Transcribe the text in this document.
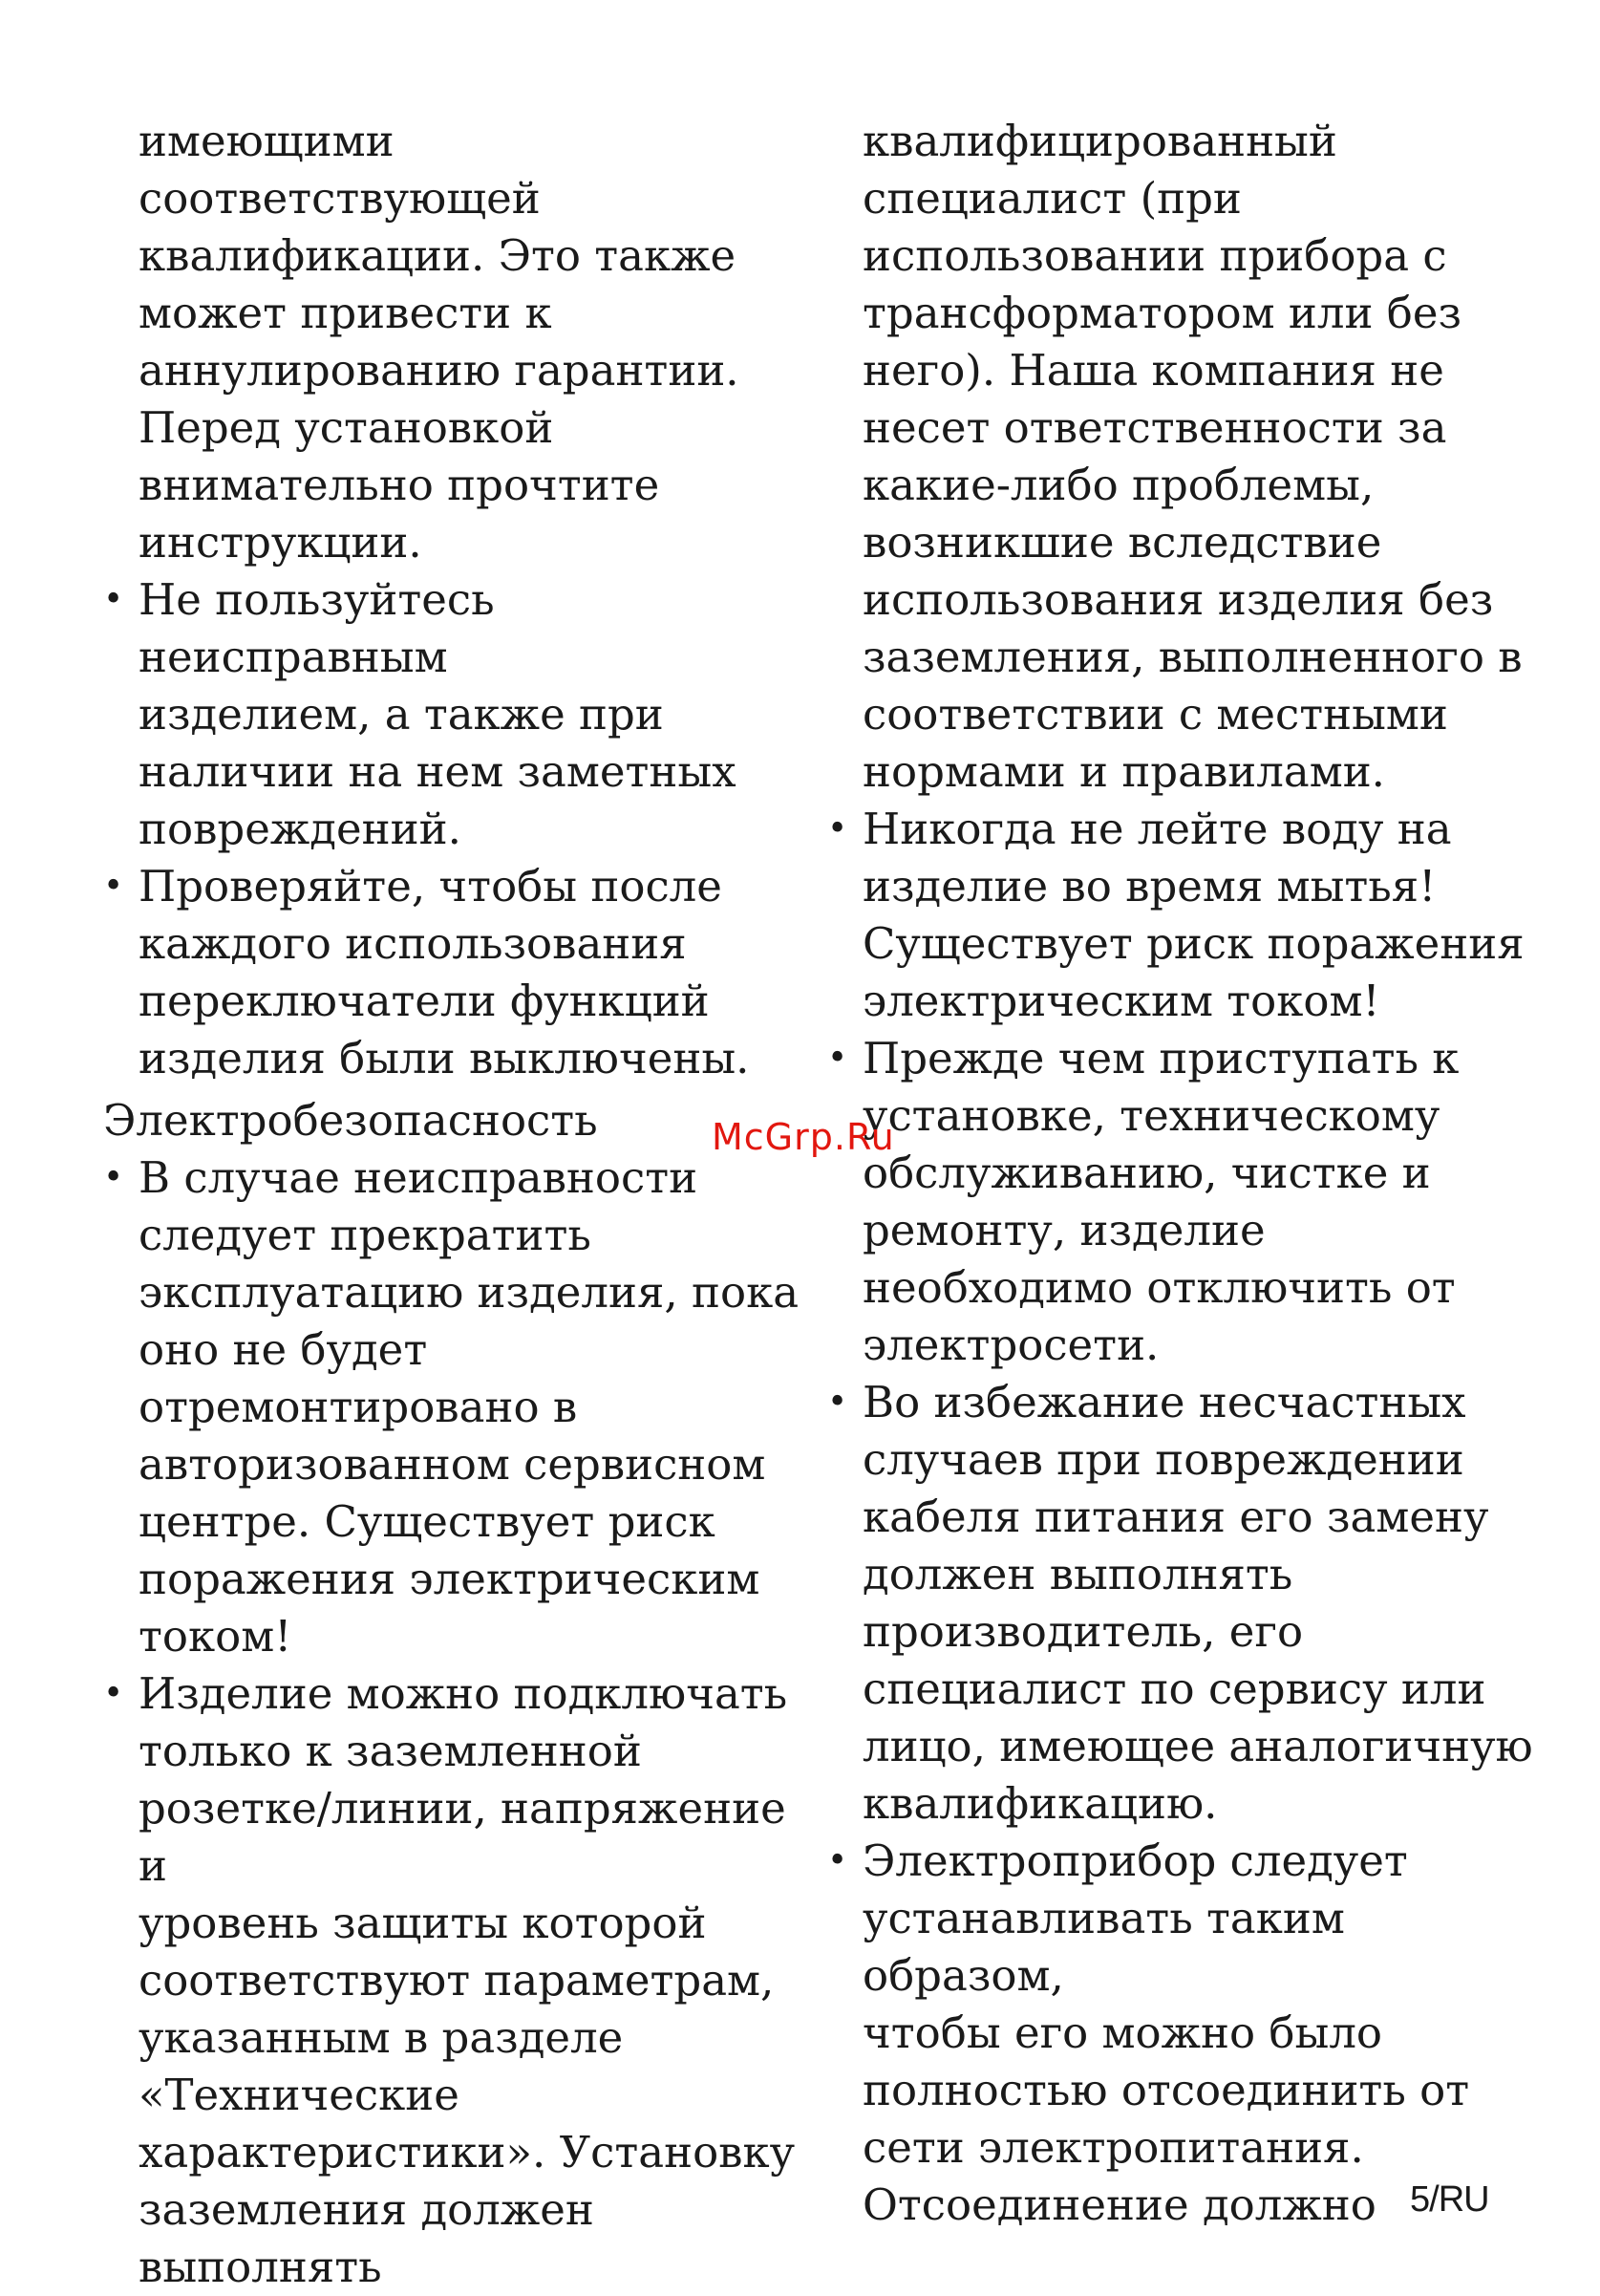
имеющими соответствующей
квалификации. Это также
может привести к
аннулированию гарантии.
Перед установкой
внимательно прочтите
инструкции.
• Не пользуйтесь неисправным
изделием, а также при
наличии на нем заметных
повреждений.
• Проверяйте, чтобы после
каждого использования
переключатели функций
изделия были выключены.
Электробезопасность
• В случае неисправности
следует прекратить
эксплуатацию изделия, пока
оно не будет
отремонтировано в
авторизованном сервисном
центре. Существует риск
поражения электрическим
током!
• Изделие можно подключать
только к заземленной
розетке/линии, напряжение и
уровень защиты которой
соответствуют параметрам,
указанным в разделе
«Технические
характеристики». Установку
заземления должен
выполнять
квалифицированный
специалист (при
использовании прибора с
трансформатором или без
него). Наша компания не
несет ответственности за
какие-либо проблемы,
возникшие вследствие
использования изделия без
заземления, выполненного в
соответствии с местными
нормами и правилами.
• Никогда не лейте воду на
изделие во время мытья!
Существует риск поражения
электрическим током!
• Прежде чем приступать к
установке, техническому
обслуживанию, чистке и
ремонту, изделие
необходимо отключить от
электросети.
• Во избежание несчастных
случаев при повреждении
кабеля питания его замену
должен выполнять
производитель, его
специалист по сервису или
лицо, имеющее аналогичную
квалификацию.
• Электроприбор следует
устанавливать таким образом,
чтобы его можно было
полностью отсоединить от
сети электропитания.
Отсоединение должно
McGrp.Ru
5/RU
